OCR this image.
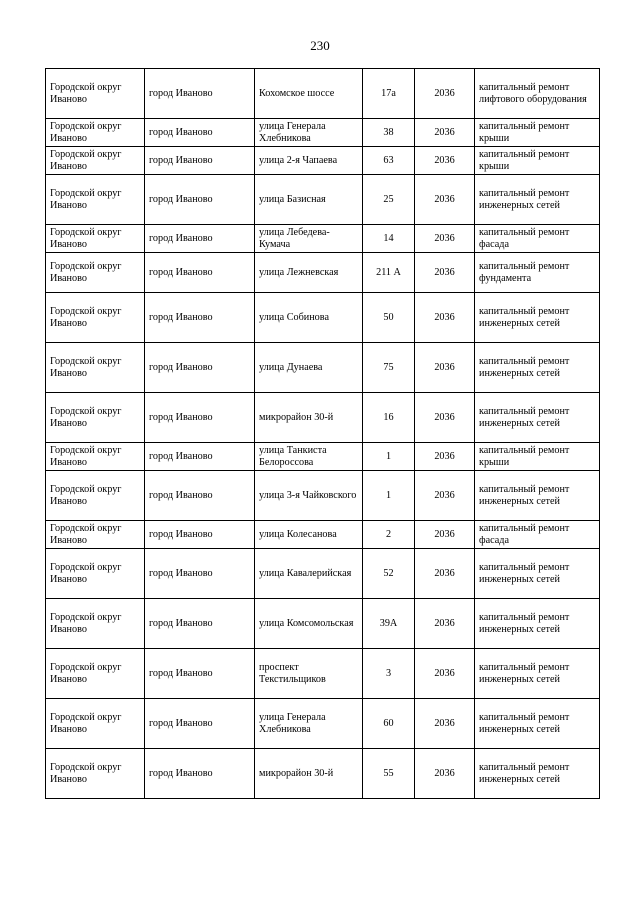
230
Городской округ Иваново	город Иваново	Кохомское шоссе	17а	2036	капитальный ремонт лифтового оборудования
Городской округ Иваново	город Иваново	улица Генерала Хлебникова	38	2036	капитальный ремонт крыши
Городской округ Иваново	город Иваново	улица 2-я Чапаева	63	2036	капитальный ремонт крыши
Городской округ Иваново	город Иваново	улица Базисная	25	2036	капитальный ремонт инженерных сетей
Городской округ Иваново	город Иваново	улица Лебедева-Кумача	14	2036	капитальный ремонт фасада
Городской округ Иваново	город Иваново	улица Лежневская	211 А	2036	капитальный ремонт фундамента
Городской округ Иваново	город Иваново	улица Собинова	50	2036	капитальный ремонт инженерных сетей
Городской округ Иваново	город Иваново	улица Дунаева	75	2036	капитальный ремонт инженерных сетей
Городской округ Иваново	город Иваново	микрорайон 30-й	16	2036	капитальный ремонт инженерных сетей
Городской округ Иваново	город Иваново	улица Танкиста Белороссова	1	2036	капитальный ремонт крыши
Городской округ Иваново	город Иваново	улица 3-я Чайковского	1	2036	капитальный ремонт инженерных сетей
Городской округ Иваново	город Иваново	улица Колесанова	2	2036	капитальный ремонт фасада
Городской округ Иваново	город Иваново	улица Кавалерийская	52	2036	капитальный ремонт инженерных сетей
Городской округ Иваново	город Иваново	улица Комсомольская	39А	2036	капитальный ремонт инженерных сетей
Городской округ Иваново	город Иваново	проспект Текстильщиков	3	2036	капитальный ремонт инженерных сетей
Городской округ Иваново	город Иваново	улица Генерала Хлебникова	60	2036	капитальный ремонт инженерных сетей
Городской округ Иваново	город Иваново	микрорайон 30-й	55	2036	капитальный ремонт инженерных сетей
